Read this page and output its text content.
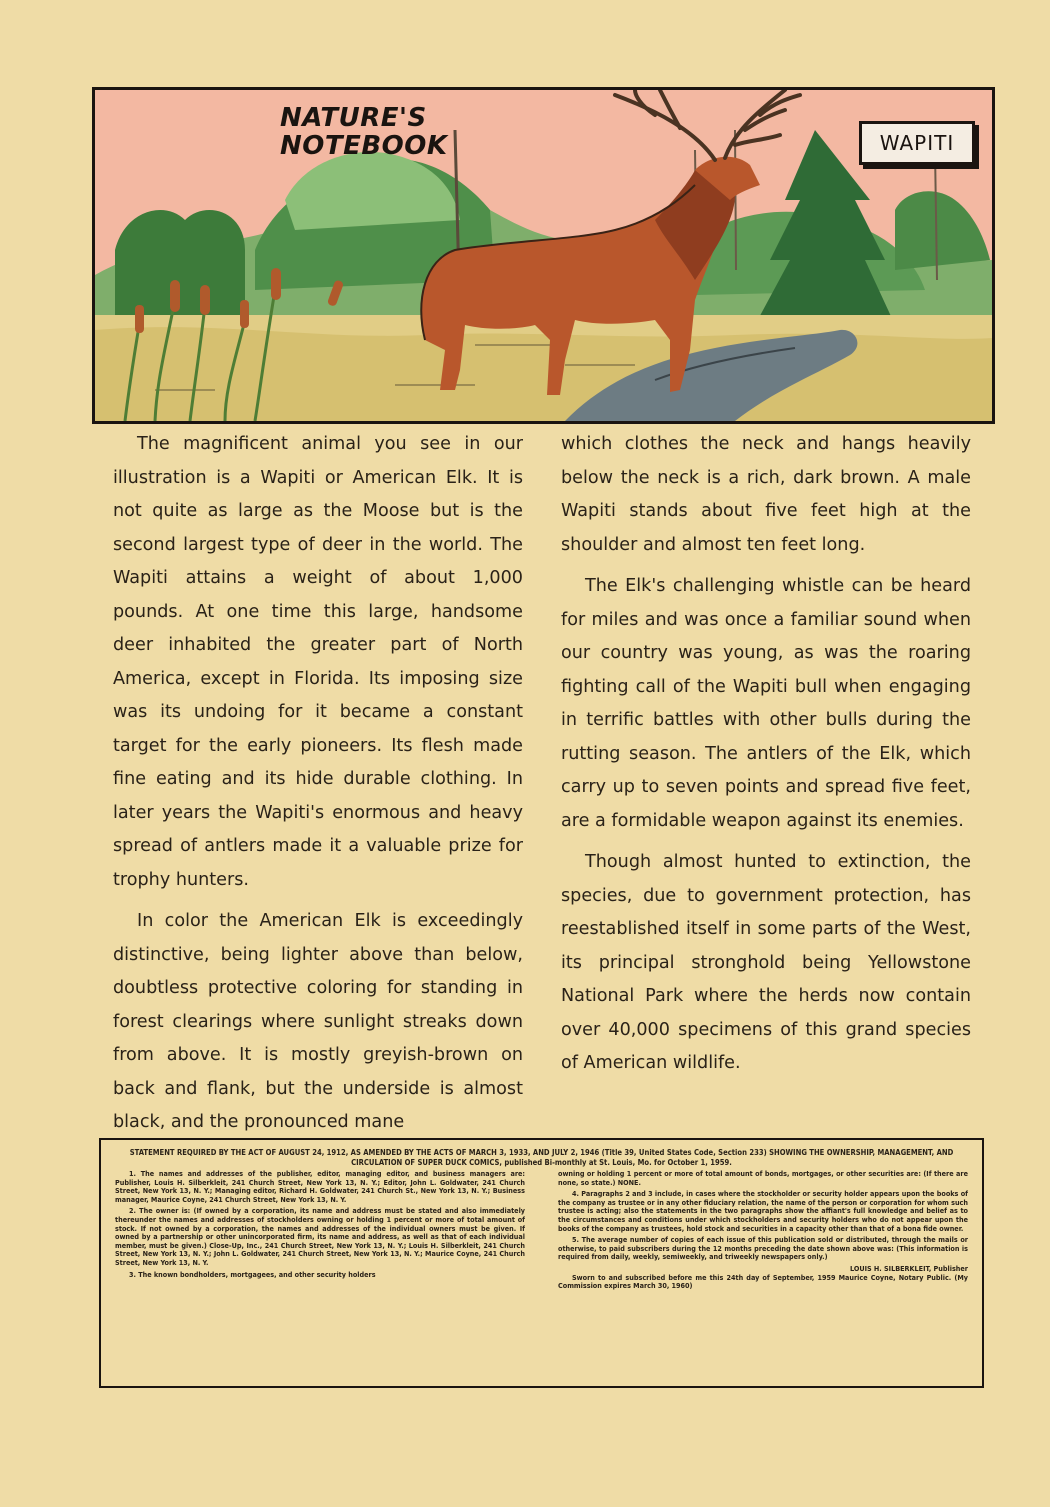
NATURE'S
NOTEBOOK	WAPITI

The magnificent animal you see in our illustration is a Wapiti or American Elk. It is not quite as large as the Moose but is the second largest type of deer in the world. The Wapiti attains a weight of about 1,000 pounds. At one time this large, handsome deer inhabited the greater part of North America, except in Florida. Its imposing size was its undoing for it became a constant target for the early pioneers. Its flesh made fine eating and its hide durable clothing. In later years the Wapiti's enormous and heavy spread of antlers made it a valuable prize for trophy hunters.

In color the American Elk is exceedingly distinctive, being lighter above than below, doubtless protective coloring for standing in forest clearings where sunlight streaks down from above. It is mostly greyish-brown on back and flank, but the underside is almost black, and the pronounced mane

which clothes the neck and hangs heavily below the neck is a rich, dark brown. A male Wapiti stands about five feet high at the shoulder and almost ten feet long.

The Elk's challenging whistle can be heard for miles and was once a familiar sound when our country was young, as was the roaring fighting call of the Wapiti bull when engaging in terrific battles with other bulls during the rutting season. The antlers of the Elk, which carry up to seven points and spread five feet, are a formidable weapon against its enemies.

Though almost hunted to extinction, the species, due to government protection, has reestablished itself in some parts of the West, its principal stronghold being Yellowstone National Park where the herds now contain over 40,000 specimens of this grand species of American wildlife.

STATEMENT REQUIRED BY THE ACT OF AUGUST 24, 1912, AS AMENDED BY THE ACTS OF MARCH 3, 1933, AND JULY 2, 1946 (Title 39, United States Code, Section 233) SHOWING THE OWNERSHIP, MANAGEMENT, AND CIRCULATION OF SUPER DUCK COMICS, published Bi-monthly at St. Louis, Mo. for October 1, 1959.

1. The names and addresses of the publisher, editor, managing editor, and business managers are: Publisher, Louis H. Silberkleit, 241 Church Street, New York 13, N. Y.; Editor, John L. Goldwater, 241 Church Street, New York 13, N. Y.; Managing editor, Richard H. Goldwater, 241 Church St., New York 13, N. Y.; Business manager, Maurice Coyne, 241 Church Street, New York 13, N. Y.

2. The owner is: (If owned by a corporation, its name and address must be stated and also immediately thereunder the names and addresses of stockholders owning or holding 1 percent or more of total amount of stock. If not owned by a corporation, the names and addresses of the individual owners must be given. If owned by a partnership or other unincorporated firm, its name and address, as well as that of each individual member, must be given.) Close-Up, Inc., 241 Church Street, New York 13, N. Y.; Louis H. Silberkleit, 241 Church Street, New York 13, N. Y.; John L. Goldwater, 241 Church Street, New York 13, N. Y.; Maurice Coyne, 241 Church Street, New York 13, N. Y.

3. The known bondholders, mortgagees, and other security holders

owning or holding 1 percent or more of total amount of bonds, mortgages, or other securities are: (If there are none, so state.) NONE.

4. Paragraphs 2 and 3 include, in cases where the stockholder or security holder appears upon the books of the company as trustee or in any other fiduciary relation, the name of the person or corporation for whom such trustee is acting; also the statements in the two paragraphs show the affiant's full knowledge and belief as to the circumstances and conditions under which stockholders and security holders who do not appear upon the books of the company as trustees, hold stock and securities in a capacity other than that of a bona fide owner.

5. The average number of copies of each issue of this publication sold or distributed, through the mails or otherwise, to paid subscribers during the 12 months preceding the date shown above was: (This information is required from daily, weekly, semiweekly, and triweekly newspapers only.)

LOUIS H. SILBERKLEIT, Publisher

Sworn to and subscribed before me this 24th day of September, 1959 Maurice Coyne, Notary Public. (My Commission expires March 30, 1960)
